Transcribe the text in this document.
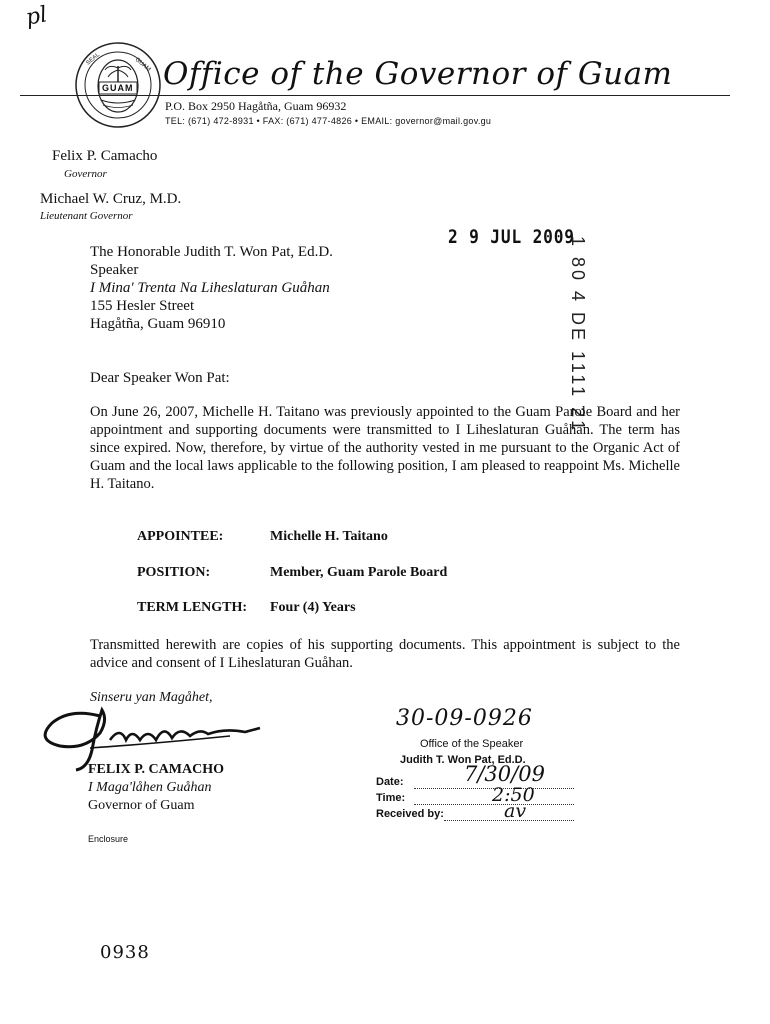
pl
SEAL	GUAM
GUAM Office of the Governor of Guam
P.O. Box 2950 Hagåtña, Guam 96932
TEL: (671) 472-8931 • FAX: (671) 477-4826 • EMAIL: governor@mail.gov.gu
Felix P. Camacho
Governor
Michael W. Cruz, M.D.
Lieutenant Governor
2 9 JUL 2009
1 80 4 DE 1111 21
The Honorable Judith T. Won Pat, Ed.D.
Speaker
I Mina' Trenta Na Liheslaturan Guåhan
155 Hesler Street
Hagåtña, Guam 96910
Dear Speaker Won Pat:
On June 26, 2007, Michelle H. Taitano was previously appointed to the Guam Parole Board and her appointment and supporting documents were transmitted to I Liheslaturan Guåhan. The term has since expired. Now, therefore, by virtue of the authority vested in me pursuant to the Organic Act of Guam and the local laws applicable to the following position, I am pleased to reappoint Ms. Michelle H. Taitano.
APPOINTEE:	Michelle H. Taitano
POSITION:	Member, Guam Parole Board
TERM LENGTH: Four (4) Years
Transmitted herewith are copies of his supporting documents. This appointment is subject to the advice and consent of I Liheslaturan Guåhan.
Sinseru yan Magåhet,
FELIX P. CAMACHO
I Maga'låhen Guåhan
Governor of Guam
Enclosure
30-09-0926
Office of the Speaker
Judith T. Won Pat, Ed.D.
Date:	7/30/09
Time:	2:50
Received by:	av
0938
